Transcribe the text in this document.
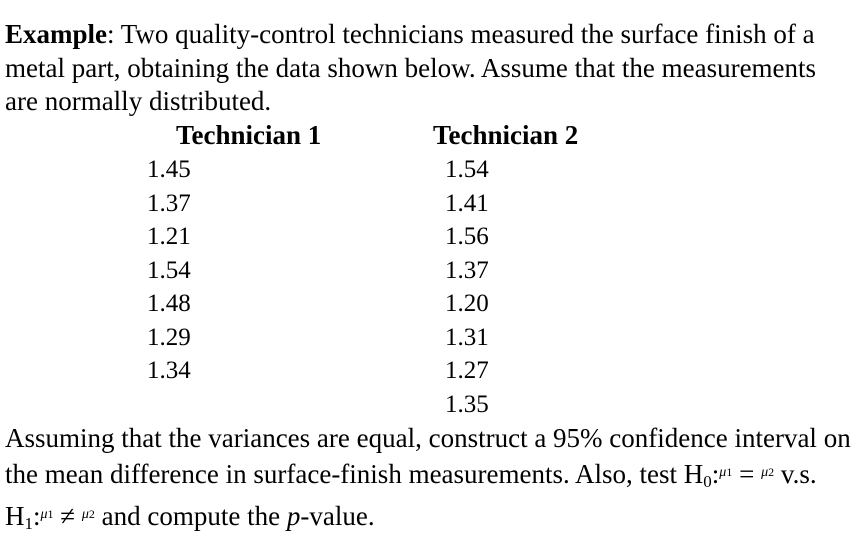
Example: Two quality-control technicians measured the surface finish of a metal part, obtaining the data shown below. Assume that the measurements are normally distributed.

Technician 1	Technician 2
1.45
1.37
1.21
1.54
1.48
1.29
1.34
1.54
1.41
1.56
1.37
1.20
1.31
1.27
1.35

Assuming that the variances are equal, construct a 95% confidence interval on the mean difference in surface-finish measurements. Also, test $H_0:^{\mu 1} = ^{\mu 2}$ v.s. $H_1:^{\mu 1} \ne ^{\mu 2}$ and compute the p-value.
